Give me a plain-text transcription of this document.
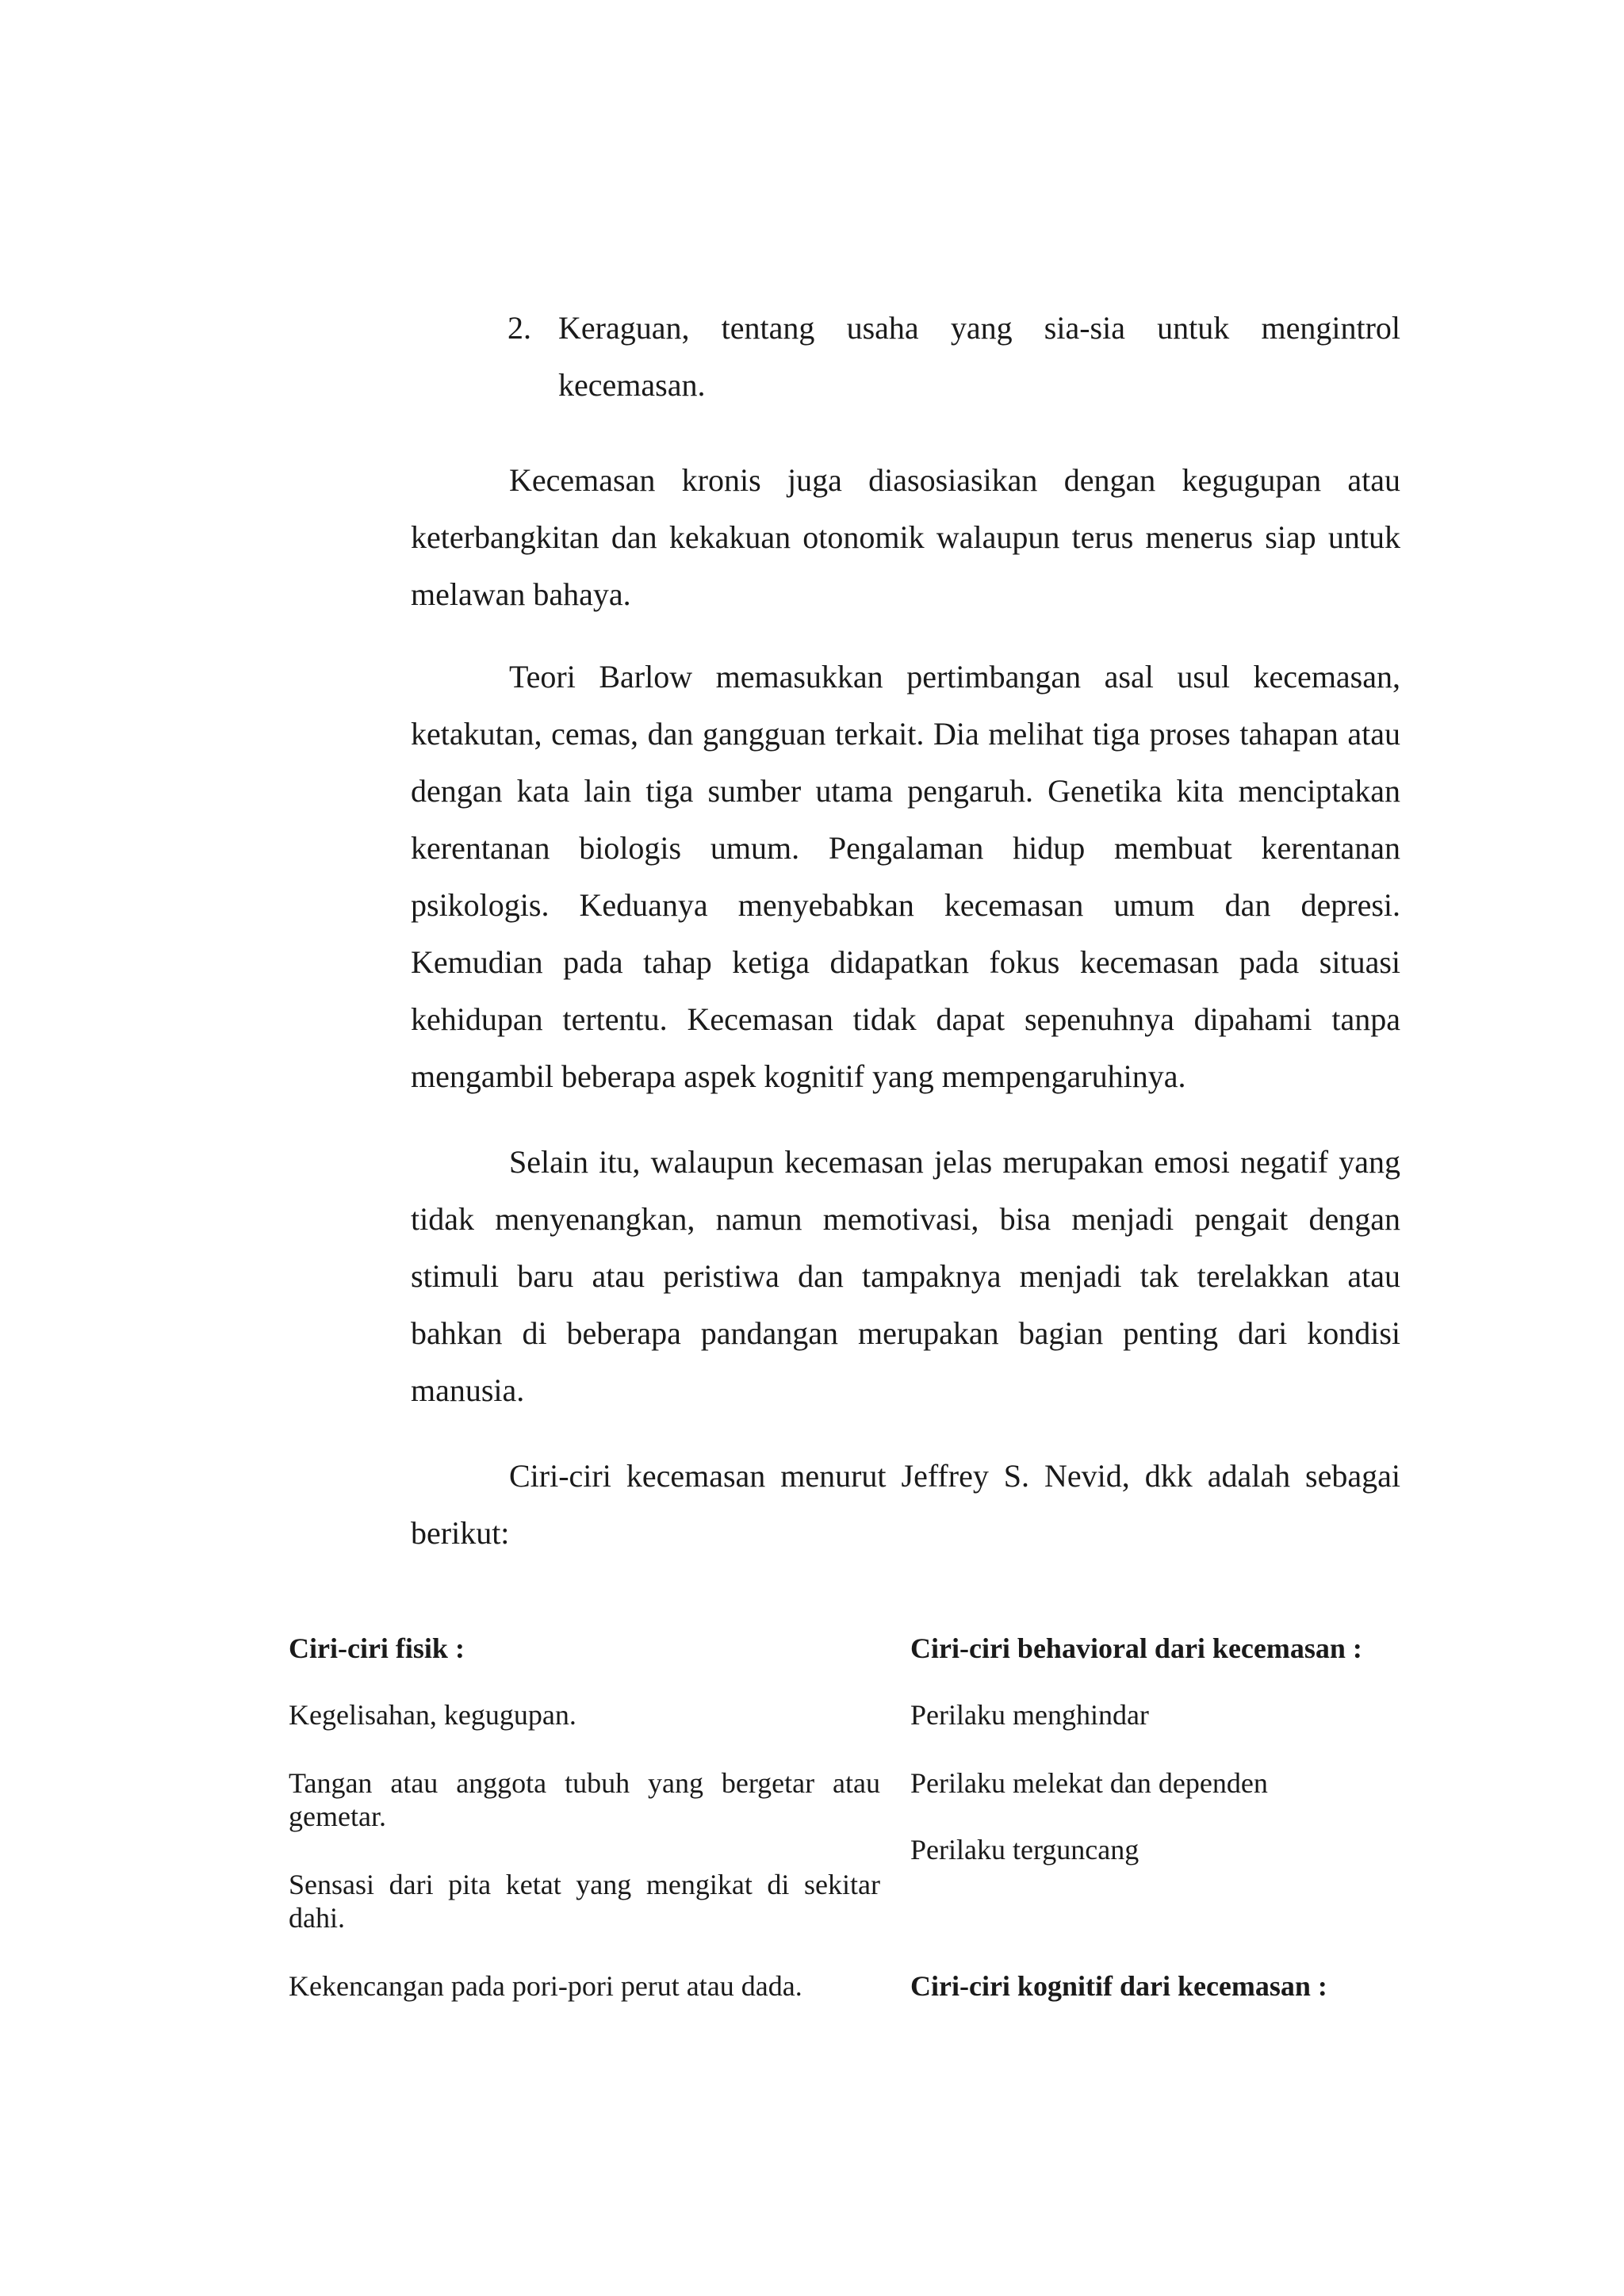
2. Keraguan, tentang usaha yang sia-sia untuk mengintrol kecemasan.

Kecemasan kronis juga diasosiasikan dengan kegugupan atau keterbangkitan dan kekakuan otonomik walaupun terus menerus siap untuk melawan bahaya.

Teori Barlow memasukkan pertimbangan asal usul kecemasan, ketakutan, cemas, dan gangguan terkait. Dia melihat tiga proses tahapan atau dengan kata lain tiga sumber utama pengaruh. Genetika kita menciptakan kerentanan biologis umum. Pengalaman hidup membuat kerentanan psikologis. Keduanya menyebabkan kecemasan umum dan depresi. Kemudian pada tahap ketiga didapatkan fokus kecemasan pada situasi kehidupan tertentu. Kecemasan tidak dapat sepenuhnya dipahami tanpa mengambil beberapa aspek kognitif yang mempengaruhinya.

Selain itu, walaupun kecemasan jelas merupakan emosi negatif yang tidak menyenangkan, namun memotivasi, bisa menjadi pengait dengan stimuli baru atau peristiwa dan tampaknya menjadi tak terelakkan atau bahkan di beberapa pandangan merupakan bagian penting dari kondisi manusia.

Ciri-ciri kecemasan menurut Jeffrey S. Nevid, dkk adalah sebagai berikut:

Ciri-ciri fisik :
Kegelisahan, kegugupan.
Tangan atau anggota tubuh yang bergetar atau gemetar.
Sensasi dari pita ketat yang mengikat di sekitar dahi.
Kekencangan pada pori-pori perut atau dada.
Ciri-ciri behavioral dari kecemasan :
Perilaku menghindar
Perilaku melekat dan dependen
Perilaku terguncang
Ciri-ciri kognitif dari kecemasan :
